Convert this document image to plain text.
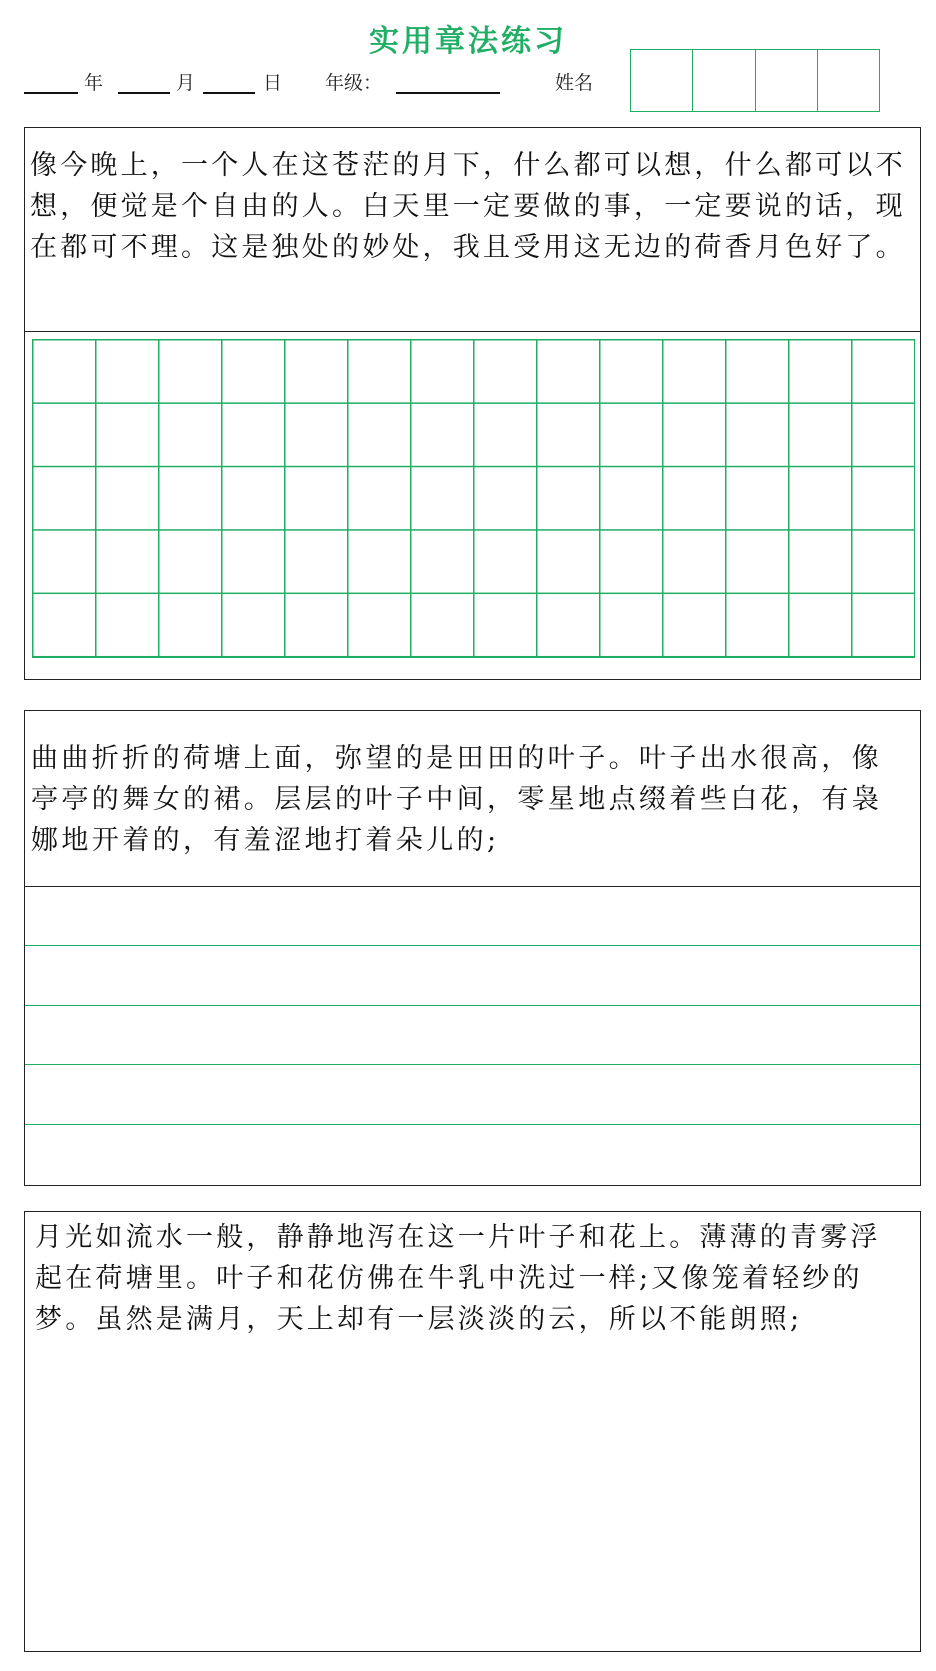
实用章法练习
年	月	日 年级：	姓名
像今晚上，一个人在这苍茫的月下，什么都可以想，什么都可以不想，便觉是个自由的人。白天里一定要做的事，一定要说的话，现在都可不理。这是独处的妙处，我且受用这无边的荷香月色好了。
曲曲折折的荷塘上面，弥望的是田田的叶子。叶子出水很高，像亭亭的舞女的裙。层层的叶子中间，零星地点缀着些白花，有袅娜地开着的，有羞涩地打着朵儿的;
月光如流水一般，静静地泻在这一片叶子和花上。薄薄的青雾浮起在荷塘里。叶子和花仿佛在牛乳中洗过一样;又像笼着轻纱的梦。虽然是满月，天上却有一层淡淡的云，所以不能朗照;
